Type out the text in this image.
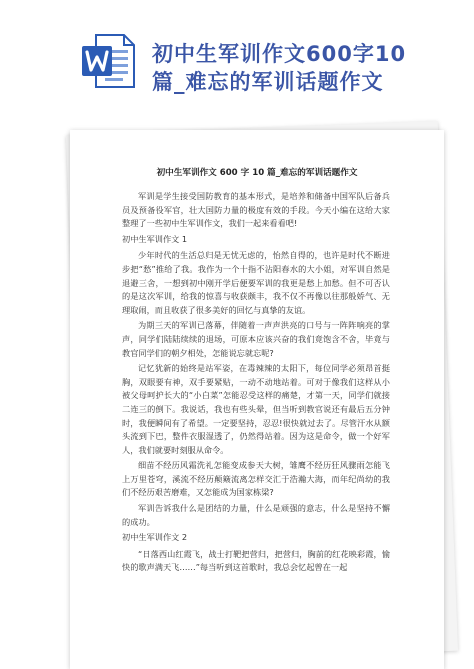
初中生军训作文600字10
篇_难忘的军训话题作文
初中生军训作文 600 字 10 篇_难忘的军训话题作文

军训是学生接受国防教育的基本形式，是培养和储备中国军队后备兵员及预备役军官，壮大国防力量的极度有效的手段。今天小编在这给大家整理了一些初中生军训作文，我们一起来看看吧!

初中生军训作文 1

少年时代的生活总归是无忧无虑的，怡然自得的，也许是时代不断进步把“愁”推给了我。我作为一个十指不沾阳春水的大小姐，对军训自然是退避三舍，一想到初中刚开学后便要军训的我更是愁上加愁。但不可否认的是这次军训，给我的惊喜与收获颇丰，我不仅不再像以往那般娇气、无理取闹，而且收获了很多美好的回忆与真挚的友谊。

为期三天的军训已落幕，伴随着一声声洪亮的口号与一阵阵响亮的掌声，同学们陆陆续续的退场，可原本应该兴奋的我们竟饱含不舍，毕竟与教官同学们的朝夕相处，怎能说忘就忘呢?

记忆犹新的始终是站军姿，在毒辣辣的太阳下，每位同学必须昂首挺胸，双眼要有神，双手要紧贴，一动不动地站着。可对于像我们这样从小被父母呵护长大的“小白菜”怎能忍受这样的痛楚，才第一天，同学们就接二连三的倒下。我说话，我也有些头晕，但当听到教官说还有最后五分钟时，我便瞬间有了希望。一定要坚持，忍忍!很快就过去了。尽管汗水从额头流到下巴，整件衣服湿透了，仍然得站着。因为这是命令，做一个好军人，我们就要时刻服从命令。

细苗不经历风霜洗礼怎能变成参天大树，雏鹰不经历狂风骤雨怎能飞上万里苍穹，溪流不经历颠簸流离怎样交汇于浩瀚大海，而年纪尚幼的我们不经历艰苦磨难，又怎能成为国家栋梁?

军训告诉我什么是团结的力量，什么是顽强的意志，什么是坚持不懈的成功。

初中生军训作文 2

“日落西山红霞飞，战士打靶把营归，把营归，胸前的红花映彩霞，愉快的歌声满天飞……”每当听到这首歌时，我总会忆起曾在一起
